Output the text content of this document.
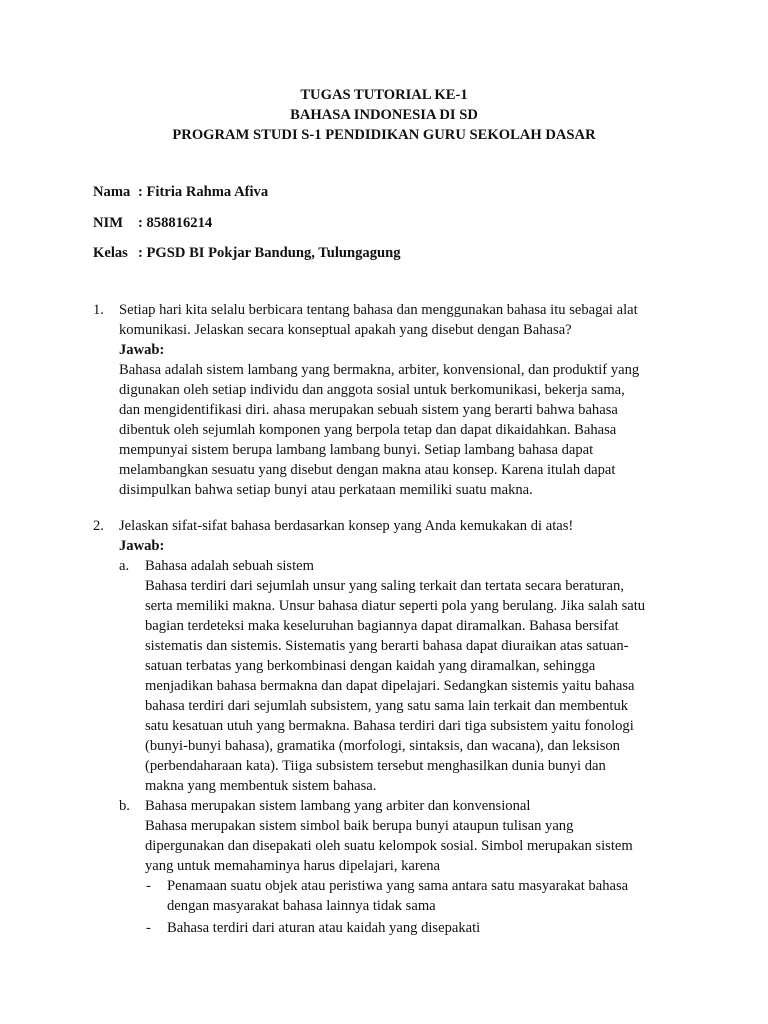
TUGAS TUTORIAL KE-1
BAHASA INDONESIA DI SD
PROGRAM STUDI S-1 PENDIDIKAN GURU SEKOLAH DASAR
Nama : Fitria Rahma Afiva
NIM : 858816214
Kelas : PGSD BI Pokjar Bandung, Tulungagung
1. Setiap hari kita selalu berbicara tentang bahasa dan menggunakan bahasa itu sebagai alat
komunikasi. Jelaskan secara konseptual apakah yang disebut dengan Bahasa?
Jawab:
Bahasa adalah sistem lambang yang bermakna, arbiter, konvensional, dan produktif yang
digunakan oleh setiap individu dan anggota sosial untuk berkomunikasi, bekerja sama,
dan mengidentifikasi diri. ahasa merupakan sebuah sistem yang berarti bahwa bahasa
dibentuk oleh sejumlah komponen yang berpola tetap dan dapat dikaidahkan. Bahasa
mempunyai sistem berupa lambang lambang bunyi. Setiap lambang bahasa dapat
melambangkan sesuatu yang disebut dengan makna atau konsep. Karena itulah dapat
disimpulkan bahwa setiap bunyi atau perkataan memiliki suatu makna.
2. Jelaskan sifat-sifat bahasa berdasarkan konsep yang Anda kemukakan di atas!
Jawab:
a. Bahasa adalah sebuah sistem
Bahasa terdiri dari sejumlah unsur yang saling terkait dan tertata secara beraturan,
serta memiliki makna. Unsur bahasa diatur seperti pola yang berulang. Jika salah satu
bagian terdeteksi maka keseluruhan bagiannya dapat diramalkan. Bahasa bersifat
sistematis dan sistemis. Sistematis yang berarti bahasa dapat diuraikan atas satuan-
satuan terbatas yang berkombinasi dengan kaidah yang diramalkan, sehingga
menjadikan bahasa bermakna dan dapat dipelajari. Sedangkan sistemis yaitu bahasa
bahasa terdiri dari sejumlah subsistem, yang satu sama lain terkait dan membentuk
satu kesatuan utuh yang bermakna. Bahasa terdiri dari tiga subsistem yaitu fonologi
(bunyi-bunyi bahasa), gramatika (morfologi, sintaksis, dan wacana), dan leksison
(perbendaharaan kata). Tiiga subsistem tersebut menghasilkan dunia bunyi dan
makna yang membentuk sistem bahasa.
b. Bahasa merupakan sistem lambang yang arbiter dan konvensional
Bahasa merupakan sistem simbol baik berupa bunyi ataupun tulisan yang
dipergunakan dan disepakati oleh suatu kelompok sosial. Simbol merupakan sistem
yang untuk memahaminya harus dipelajari, karena
- Penamaan suatu objek atau peristiwa yang sama antara satu masyarakat bahasa
dengan masyarakat bahasa lainnya tidak sama
- Bahasa terdiri dari aturan atau kaidah yang disepakati
